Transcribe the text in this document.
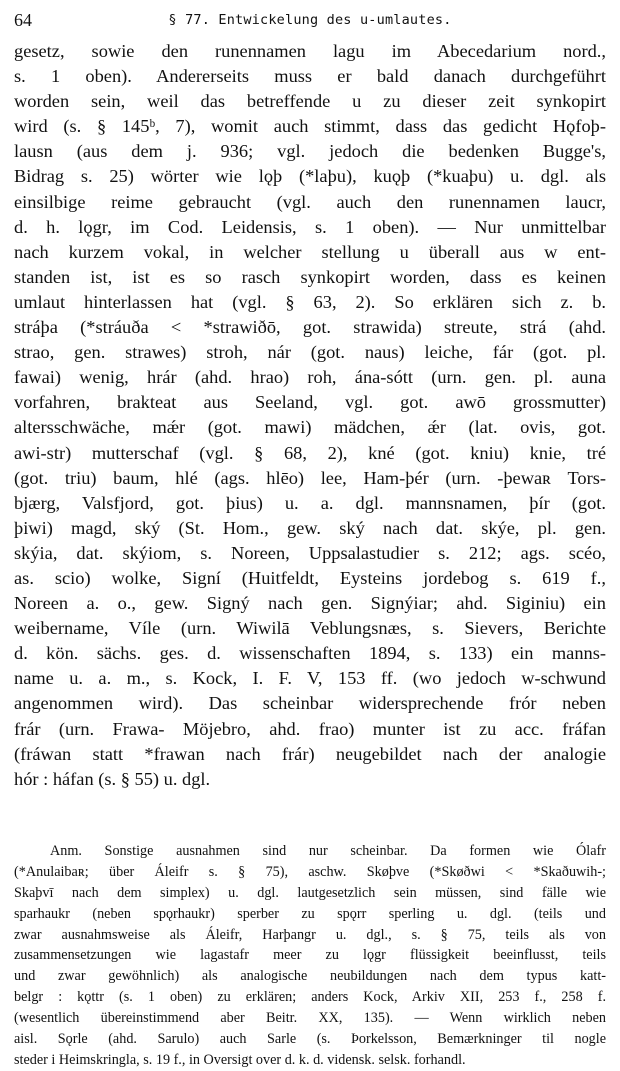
64	§ 77. Entwickelung des u-umlautes.
gesetz, sowie den runennamen lagu im Abecedarium nord.,
s. 1 oben). Andererseits muss er bald danach durchgeführt
worden sein, weil das betreffende u zu dieser zeit synkopirt
wird (s. § 145ᵇ, 7), womit auch stimmt, dass das gedicht Hǫfoþ-
lausn (aus dem j. 936; vgl. jedoch die bedenken Bugge's,
Bidrag s. 25) wörter wie lǫþ (*laþu), kuǫþ (*kuaþu) u. dgl. als
einsilbige reime gebraucht (vgl. auch den runennamen laucr,
d. h. lǫgr, im Cod. Leidensis, s. 1 oben). — Nur unmittelbar
nach kurzem vokal, in welcher stellung u überall aus w ent-
standen ist, ist es so rasch synkopirt worden, dass es keinen
umlaut hinterlassen hat (vgl. § 63, 2). So erklären sich z. b.
stráþa (*stráuða < *strawiðō, got. strawida) streute, strá (ahd.
strao, gen. strawes) stroh, nár (got. naus) leiche, fár (got. pl.
fawai) wenig, hrár (ahd. hrao) roh, ána-sótt (urn. gen. pl. auna
vorfahren, brakteat aus Seeland, vgl. got. awō grossmutter)
altersschwäche, mǽr (got. mawi) mädchen, ǽr (lat. ovis, got.
awi-str) mutterschaf (vgl. § 68, 2), kné (got. kniu) knie, tré
(got. triu) baum, hlé (ags. hlēo) lee, Ham-þér (urn. -þewaʀ Tors-
bjærg, Valsfjord, got. þius) u. a. dgl. mannsnamen, þír (got.
þiwi) magd, ský (St. Hom., gew. ský nach dat. skýe, pl. gen.
skýia, dat. skýiom, s. Noreen, Uppsalastudier s. 212; ags. scéo,
as. scio) wolke, Signí (Huitfeldt, Eysteins jordebog s. 619 f.,
Noreen a. o., gew. Signý nach gen. Signýiar; ahd. Siginiu) ein
weibername, Víle (urn. Wiwilā Veblungsnæs, s. Sievers, Berichte
d. kön. sächs. ges. d. wissenschaften 1894, s. 133) ein manns-
name u. a. m., s. Kock, I. F. V, 153 ff. (wo jedoch w-schwund
angenommen wird). Das scheinbar widersprechende frór neben
frár (urn. Frawa- Möjebro, ahd. frao) munter ist zu acc. fráfan
(fráwan statt *frawan nach frár) neugebildet nach der analogie
hór : háfan (s. § 55) u. dgl.
Anm. Sonstige ausnahmen sind nur scheinbar. Da formen wie Ólafr
(*Anulaibaʀ; über Áleifr s. § 75), aschw. Skøþve (*Skøðwi < *Skaðuwih-;
Skaþvī nach dem simplex) u. dgl. lautgesetzlich sein müssen, sind fälle wie
sparhaukr (neben spǫrhaukr) sperber zu spǫrr sperling u. dgl. (teils und
zwar ausnahmsweise als Áleifr, Harþangr u. dgl., s. § 75, teils als von
zusammensetzungen wie lagastafr meer zu lǫgr flüssigkeit beeinflusst, teils
und zwar gewöhnlich) als analogische neubildungen nach dem typus katt-
belgr : kǫttr (s. 1 oben) zu erklären; anders Kock, Arkiv XII, 253 f., 258 f.
(wesentlich übereinstimmend aber Beitr. XX, 135). — Wenn wirklich neben
aisl. Sǫrle (ahd. Sarulo) auch Sarle (s. Þorkelsson, Bemærkninger til nogle
steder i Heimskringla, s. 19 f., in Oversigt over d. k. d. vidensk. selsk. forhandl.
